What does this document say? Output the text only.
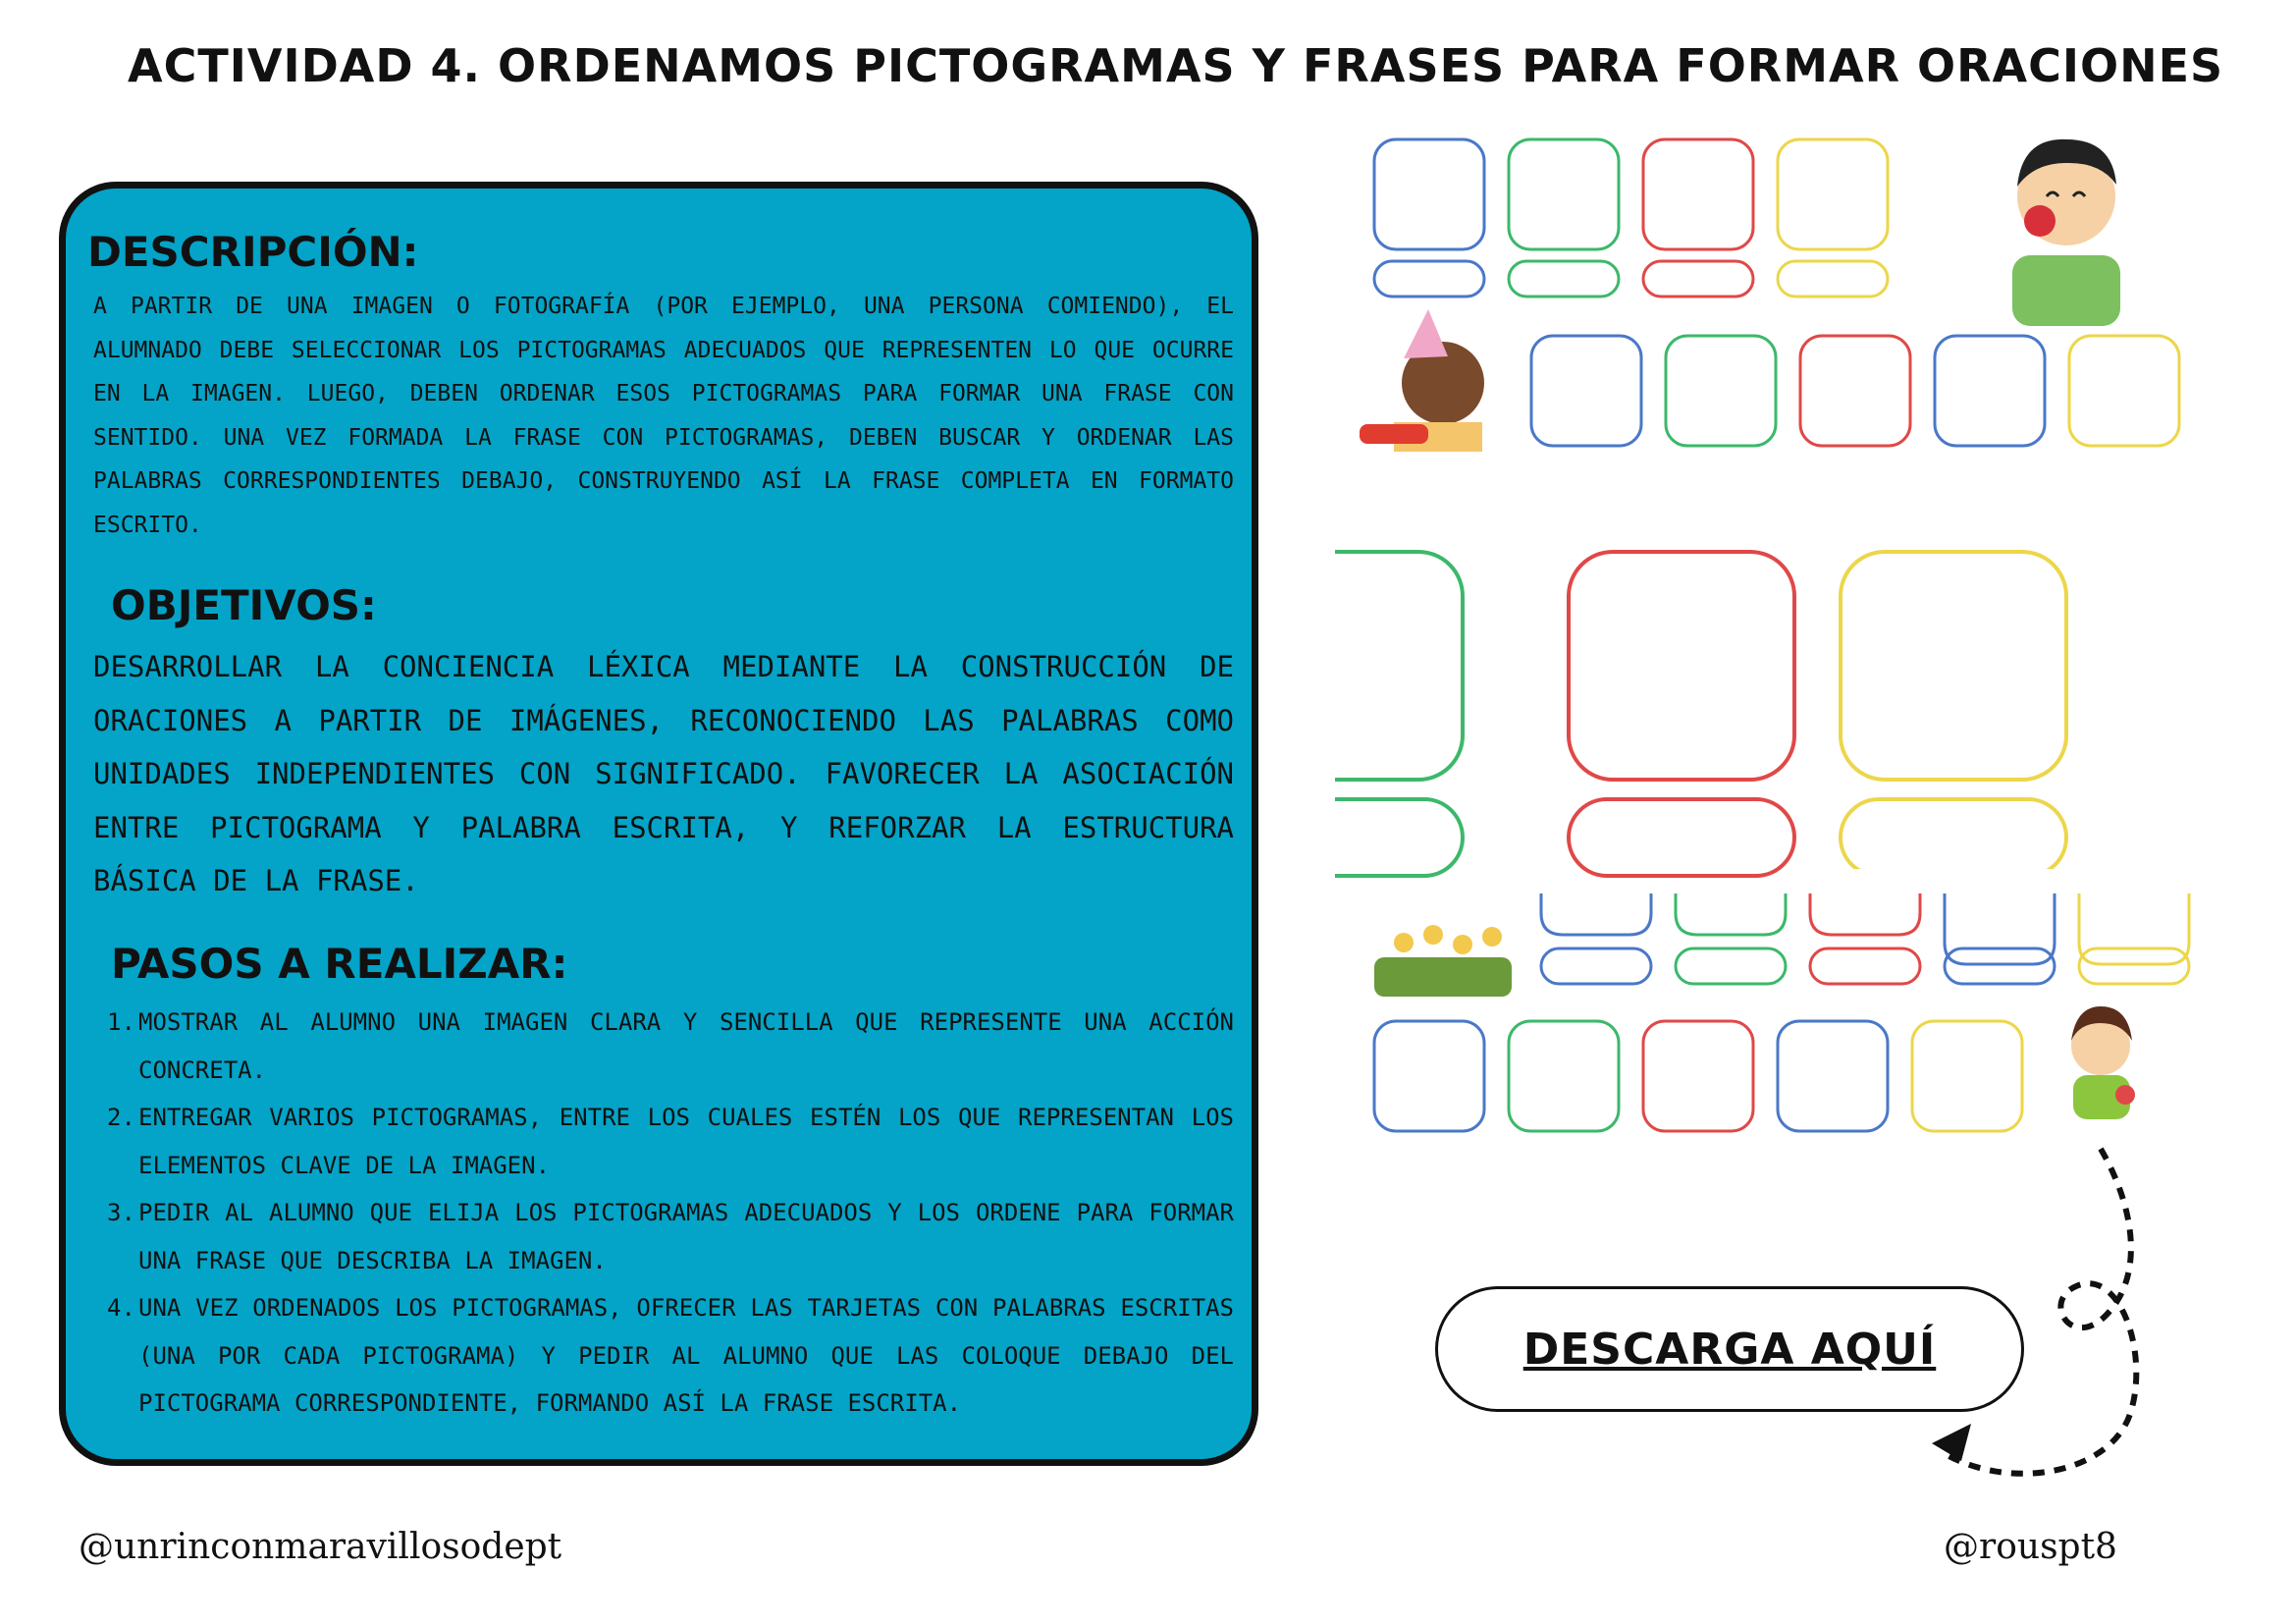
ACTIVIDAD 4. ORDENAMOS PICTOGRAMAS Y FRASES PARA FORMAR ORACIONES
DESCRIPCIÓN:
A PARTIR DE UNA IMAGEN O FOTOGRAFÍA (POR EJEMPLO, UNA PERSONA COMIENDO), EL ALUMNADO DEBE SELECCIONAR LOS PICTOGRAMAS ADECUADOS QUE REPRESENTEN LO QUE OCURRE EN LA IMAGEN. LUEGO, DEBEN ORDENAR ESOS PICTOGRAMAS PARA FORMAR UNA FRASE CON SENTIDO. UNA VEZ FORMADA LA FRASE CON PICTOGRAMAS, DEBEN BUSCAR Y ORDENAR LAS PALABRAS CORRESPONDIENTES DEBAJO, CONSTRUYENDO ASÍ LA FRASE COMPLETA EN FORMATO ESCRITO.
OBJETIVOS:
DESARROLLAR LA CONCIENCIA LÉXICA MEDIANTE LA CONSTRUCCIÓN DE ORACIONES A PARTIR DE IMÁGENES, RECONOCIENDO LAS PALABRAS COMO UNIDADES INDEPENDIENTES CON SIGNIFICADO. FAVORECER LA ASOCIACIÓN ENTRE PICTOGRAMA Y PALABRA ESCRITA, Y REFORZAR LA ESTRUCTURA BÁSICA DE LA FRASE.
PASOS A REALIZAR:
1. MOSTRAR AL ALUMNO UNA IMAGEN CLARA Y SENCILLA QUE REPRESENTE UNA ACCIÓN CONCRETA.
2. ENTREGAR VARIOS PICTOGRAMAS, ENTRE LOS CUALES ESTÉN LOS QUE REPRESENTAN LOS ELEMENTOS CLAVE DE LA IMAGEN.
3. PEDIR AL ALUMNO QUE ELIJA LOS PICTOGRAMAS ADECUADOS Y LOS ORDENE PARA FORMAR UNA FRASE QUE DESCRIBA LA IMAGEN.
4. UNA VEZ ORDENADOS LOS PICTOGRAMAS, OFRECER LAS TARJETAS CON PALABRAS ESCRITAS (UNA POR CADA PICTOGRAMA) Y PEDIR AL ALUMNO QUE LAS COLOQUE DEBAJO DEL PICTOGRAMA CORRESPONDIENTE, FORMANDO ASÍ LA FRASE ESCRITA.
DESCARGA AQUÍ
@unrinconmaravillosodept	@rouspt8
